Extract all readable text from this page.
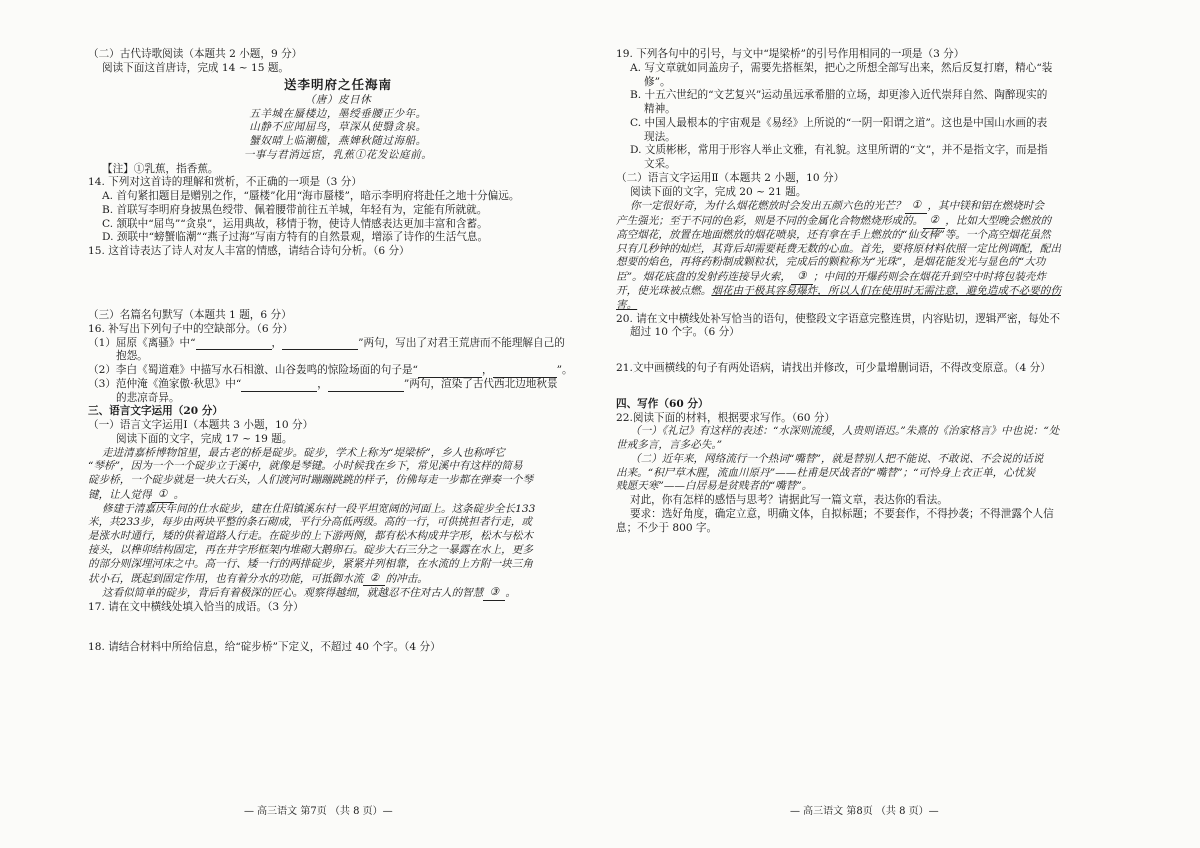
（二）古代诗歌阅读（本题共 2 小题，9 分）

阅读下面这首唐诗，完成 14 ~ 15 题。

送李明府之任海南

（唐）皮日休

五羊城在蜃楼边，墨绶垂腰正少年。

山静不应闻屈鸟，草深从使翳贪泉。

蟹奴晴上临潮槛，燕婢秋随过海船。

一事与君消远宦，乳蕉①花发讼庭前。

【注】①乳蕉，指香蕉。

14. 下列对这首诗的理解和赏析，不正确的一项是（3 分）

A. 首句紧扣题目是赠别之作，“蜃楼”化用“海市蜃楼”，暗示李明府将赴任之地十分偏远。

B. 首联写李明府身披黑色绶带、佩着腰带前往五羊城，年轻有为，定能有所就就。

C. 颔联中“屈鸟”“贪泉”，运用典故，移情于物，使诗人情感表达更加丰富和含蓄。

D. 颈联中“螃蟹临潮”“燕子过海”写南方特有的自然景观，增添了诗作的生活气息。

15. 这首诗表达了诗人对友人丰富的情感，请结合诗句分析。（6 分）

（三）名篇名句默写（本题共 1 题，6 分）

16. 补写出下列句子中的空缺部分。（6 分）

（1）屈原《离骚》中“	，	”两句，写出了对君王荒唐而不能理解自己的

抱怨。

（2）李白《蜀道难》中描写水石相激、山谷轰鸣的惊险场面的句子是“	，	”。

（3）范仲淹《渔家傲·秋思》中“	，	”两句，渲染了古代西北边地秋景

的悲凉奇异。

三、语言文字运用（20 分）

（一）语言文字运用Ⅰ（本题共 3 小题，10 分）

阅读下面的文字，完成 17 ~ 19 题。

走进清嘉桥博物馆里，最古老的桥是碇步。碇步，学术上称为“堤梁桥”，乡人也称呼它

“琴桥”，因为一个一个碇步立于溪中，就像是琴键。小时候我在乡下，常见溪中有这样的简易

碇步桥，一个碇步就是一块大石头，人们渡河时蹦蹦跳跳的样子，仿佛每走一步都在弹奏一个琴

键，让人觉得 ① 。

修建于清嘉庆年间的仕水碇步，建在仕阳镇溪东村一段平坦宽阔的河面上。这条碇步全长133

米，共233步，每步由两块平整的条石砌成，平行分高低两级。高的一行，可供挑担者行走，或

是涨水时通行，矮的供着道路人行走。在碇步的上下游两侧，都有松木构成井字形，松木与松木

接头，以榫卯结构固定，再在井字形框架内堆砌大鹅卵石。碇步大石三分之一暴露在水上，更多

的部分则深埋河床之中。高一行、矮一行的两排碇步，紧紧并列相靠，在水流的上方附一块三角

状小石，既起到固定作用，也有着分水的功能，可抵御水流 ② 的冲击。

这看似简单的碇步，背后有着极深的匠心。观察得越细，就越忍不住对古人的智慧 ③ 。

17. 请在文中横线处填入恰当的成语。（3 分）

18. 请结合材料中所给信息，给“碇步桥”下定义，不超过 40 个字。（4 分）

19. 下列各句中的引号，与文中“堤梁桥”的引号作用相同的一项是（3 分）

A. 写文章就如同盖房子，需要先搭框架，把心之所想全部写出来，然后反复打磨，精心“装

修”。

B. 十五六世纪的“文艺复兴”运动虽远承希腊的立场，却更渗入近代崇拜自然、陶醉现实的

精神。

C. 中国人最根本的宇宙观是《易经》上所说的“一阴一阳谓之道”。这也是中国山水画的表

现法。

D. 文质彬彬，常用于形容人举止文雅，有礼貌。这里所谓的“文”，并不是指文字，而是指

文采。

（二）语言文字运用Ⅱ（本题共 2 小题，10 分）

阅读下面的文字，完成 20 ~ 21 题。

你一定很好奇，为什么烟花燃放时会发出五颜六色的光芒？ ① ，其中镁和铝在燃烧时会

产生强光；至于不同的色彩，则是不同的金属化合物燃烧形成的。 ② ，比如大型晚会燃放的

高空烟花，放置在地面燃放的烟花喷泉，还有拿在手上燃放的“仙女棒”等。一个高空烟花虽然

只有几秒钟的灿烂，其背后却需要耗费无数的心血。首先，要将原材料依照一定比例调配，配出

想要的焰色，再将药粉制成颗粒状，完成后的颗粒称为“光珠”，是烟花能发光与显色的“大功

臣”。烟花底盘的发射药连接导火索， ③ ；中间的开爆药则会在烟花升到空中时将包装壳炸

开，使光珠被点燃。烟花由于极其容易爆炸，所以人们在使用时无需注意，避免造成不必要的伤

害。

20. 请在文中横线处补写恰当的语句，使整段文字语意完整连贯，内容贴切，逻辑严密，每处不

超过 10 个字。（6 分）

21.文中画横线的句子有两处语病，请找出并修改，可少量增删词语，不得改变原意。（4 分）

四、写作（60 分）

22.阅读下面的材料，根据要求写作。（60 分）

（一）《礼记》有这样的表述：“水深则流缓，人贵则语迟。”朱熹的《治家格言》中也说：“处

世戒多言，言多必失。”

（二）近年来，网络流行一个热词“嘴替”，就是替别人把不能说、不敢说、不会说的话说

出来。“积尸草木腥，流血川原丹”——杜甫是厌战者的“嘴替”；“可怜身上衣正单，心忧炭

贱愿天寒”——白居易是贫贱者的“嘴替”。

对此，你有怎样的感悟与思考？请据此写一篇文章，表达你的看法。

要求：选好角度，确定立意，明确文体，自拟标题；不要套作，不得抄袭；不得泄露个人信

息；不少于 800 字。

— 高三语文 第7页 （共 8 页）—	— 高三语文 第8页 （共 8 页）—
